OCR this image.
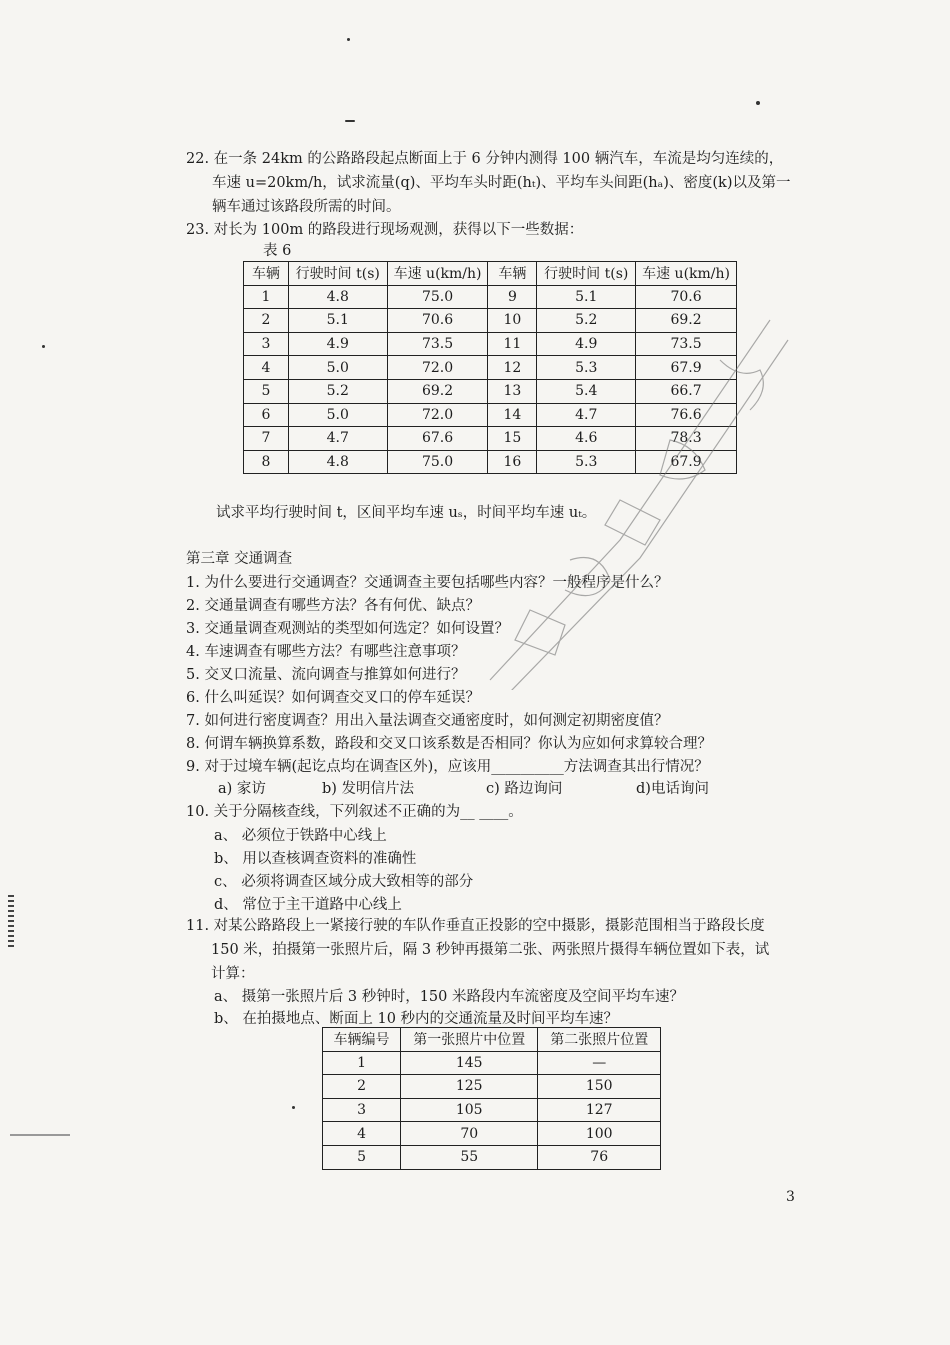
22. 在一条 24km 的公路路段起点断面上于 6 分钟内测得 100 辆汽车，车流是均匀连续的，
车速 u=20km/h，试求流量(q)、平均车头时距(hₜ)、平均车头间距(hₐ)、密度(k)以及第一
辆车通过该路段所需的时间。
23. 对长为 100m 的路段进行现场观测，获得以下一些数据：
表 6
车辆	行驶时间 t(s)	车速 u(km/h)	车辆	行驶时间 t(s)	车速 u(km/h)
1	4.8	75.0	9	5.1	70.6
2	5.1	70.6	10	5.2	69.2
3	4.9	73.5	11	4.9	73.5
4	5.0	72.0	12	5.3	67.9
5	5.2	69.2	13	5.4	66.7
6	5.0	72.0	14	4.7	76.6
7	4.7	67.6	15	4.6	78.3
8	4.8	75.0	16	5.3	67.9
试求平均行驶时间 t，区间平均车速 uₛ，时间平均车速 uₜ。
第三章 交通调查
1. 为什么要进行交通调查？交通调查主要包括哪些内容？一般程序是什么？
2. 交通量调查有哪些方法？各有何优、缺点？
3. 交通量调查观测站的类型如何选定？如何设置？
4. 车速调查有哪些方法？有哪些注意事项？
5. 交叉口流量、流向调查与推算如何进行？
6. 什么叫延误？如何调查交叉口的停车延误？
7. 如何进行密度调查？用出入量法调查交通密度时，如何测定初期密度值？
8. 何谓车辆换算系数，路段和交叉口该系数是否相同？你认为应如何求算较合理？
9. 对于过境车辆(起讫点均在调查区外)，应该用__________方法调查其出行情况？
a) 家访	b) 发明信片法	c) 路边询问	d)电话询问
10. 关于分隔核查线，下列叙述不正确的为__ ____。
a、 必须位于铁路中心线上
b、 用以查核调查资料的准确性
c、 必须将调查区域分成大致相等的部分
d、 常位于主干道路中心线上
11. 对某公路路段上一紧接行驶的车队作垂直正投影的空中摄影，摄影范围相当于路段长度
150 米，拍摄第一张照片后，隔 3 秒钟再摄第二张、两张照片摄得车辆位置如下表，试
计算：
a、 摄第一张照片后 3 秒钟时，150 米路段内车流密度及空间平均车速？
b、 在拍摄地点、断面上 10 秒内的交通流量及时间平均车速？
车辆编号	第一张照片中位置	第二张照片位置
1	145	—
2	125	150
3	105	127
4	70	100
5	55	76
3
